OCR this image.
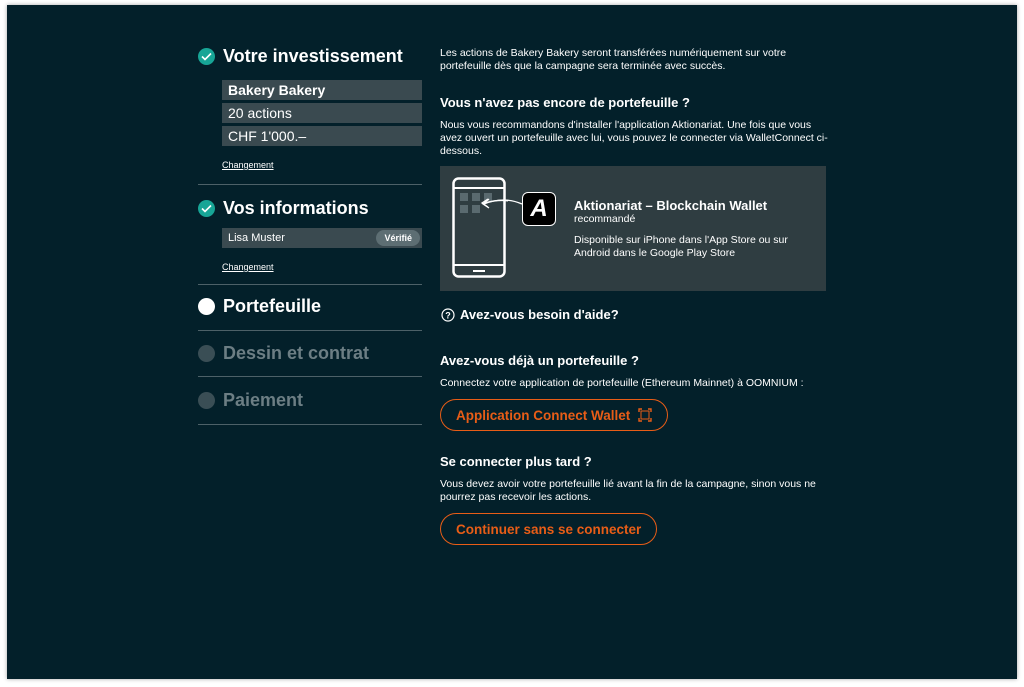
Votre investissement
Bakery Bakery
20 actions
CHF 1'000.–
Changement
Vos informations
Lisa Muster	Vérifié
Changement
Portefeuille
Dessin et contrat
Paiement

Les actions de Bakery Bakery seront transférées numériquement sur votre portefeuille dès que la campagne sera terminée avec succès.

Vous n'avez pas encore de portefeuille ?

Nous vous recommandons d'installer l'application Aktionariat. Une fois que vous avez ouvert un portefeuille avec lui, vous pouvez le connecter via WalletConnect ci-dessous.

A	Aktionariat – Blockchain Wallet
recommandé
Disponible sur iPhone dans l'App Store ou sur Android dans le Google Play Store
? Avez-vous besoin d'aide?
Avez-vous déjà un portefeuille ?

Connectez votre application de portefeuille (Ethereum Mainnet) à OOMNIUM :

Application Connect Wallet
Se connecter plus tard ?

Vous devez avoir votre portefeuille lié avant la fin de la campagne, sinon vous ne pourrez pas recevoir les actions.

Continuer sans se connecter
